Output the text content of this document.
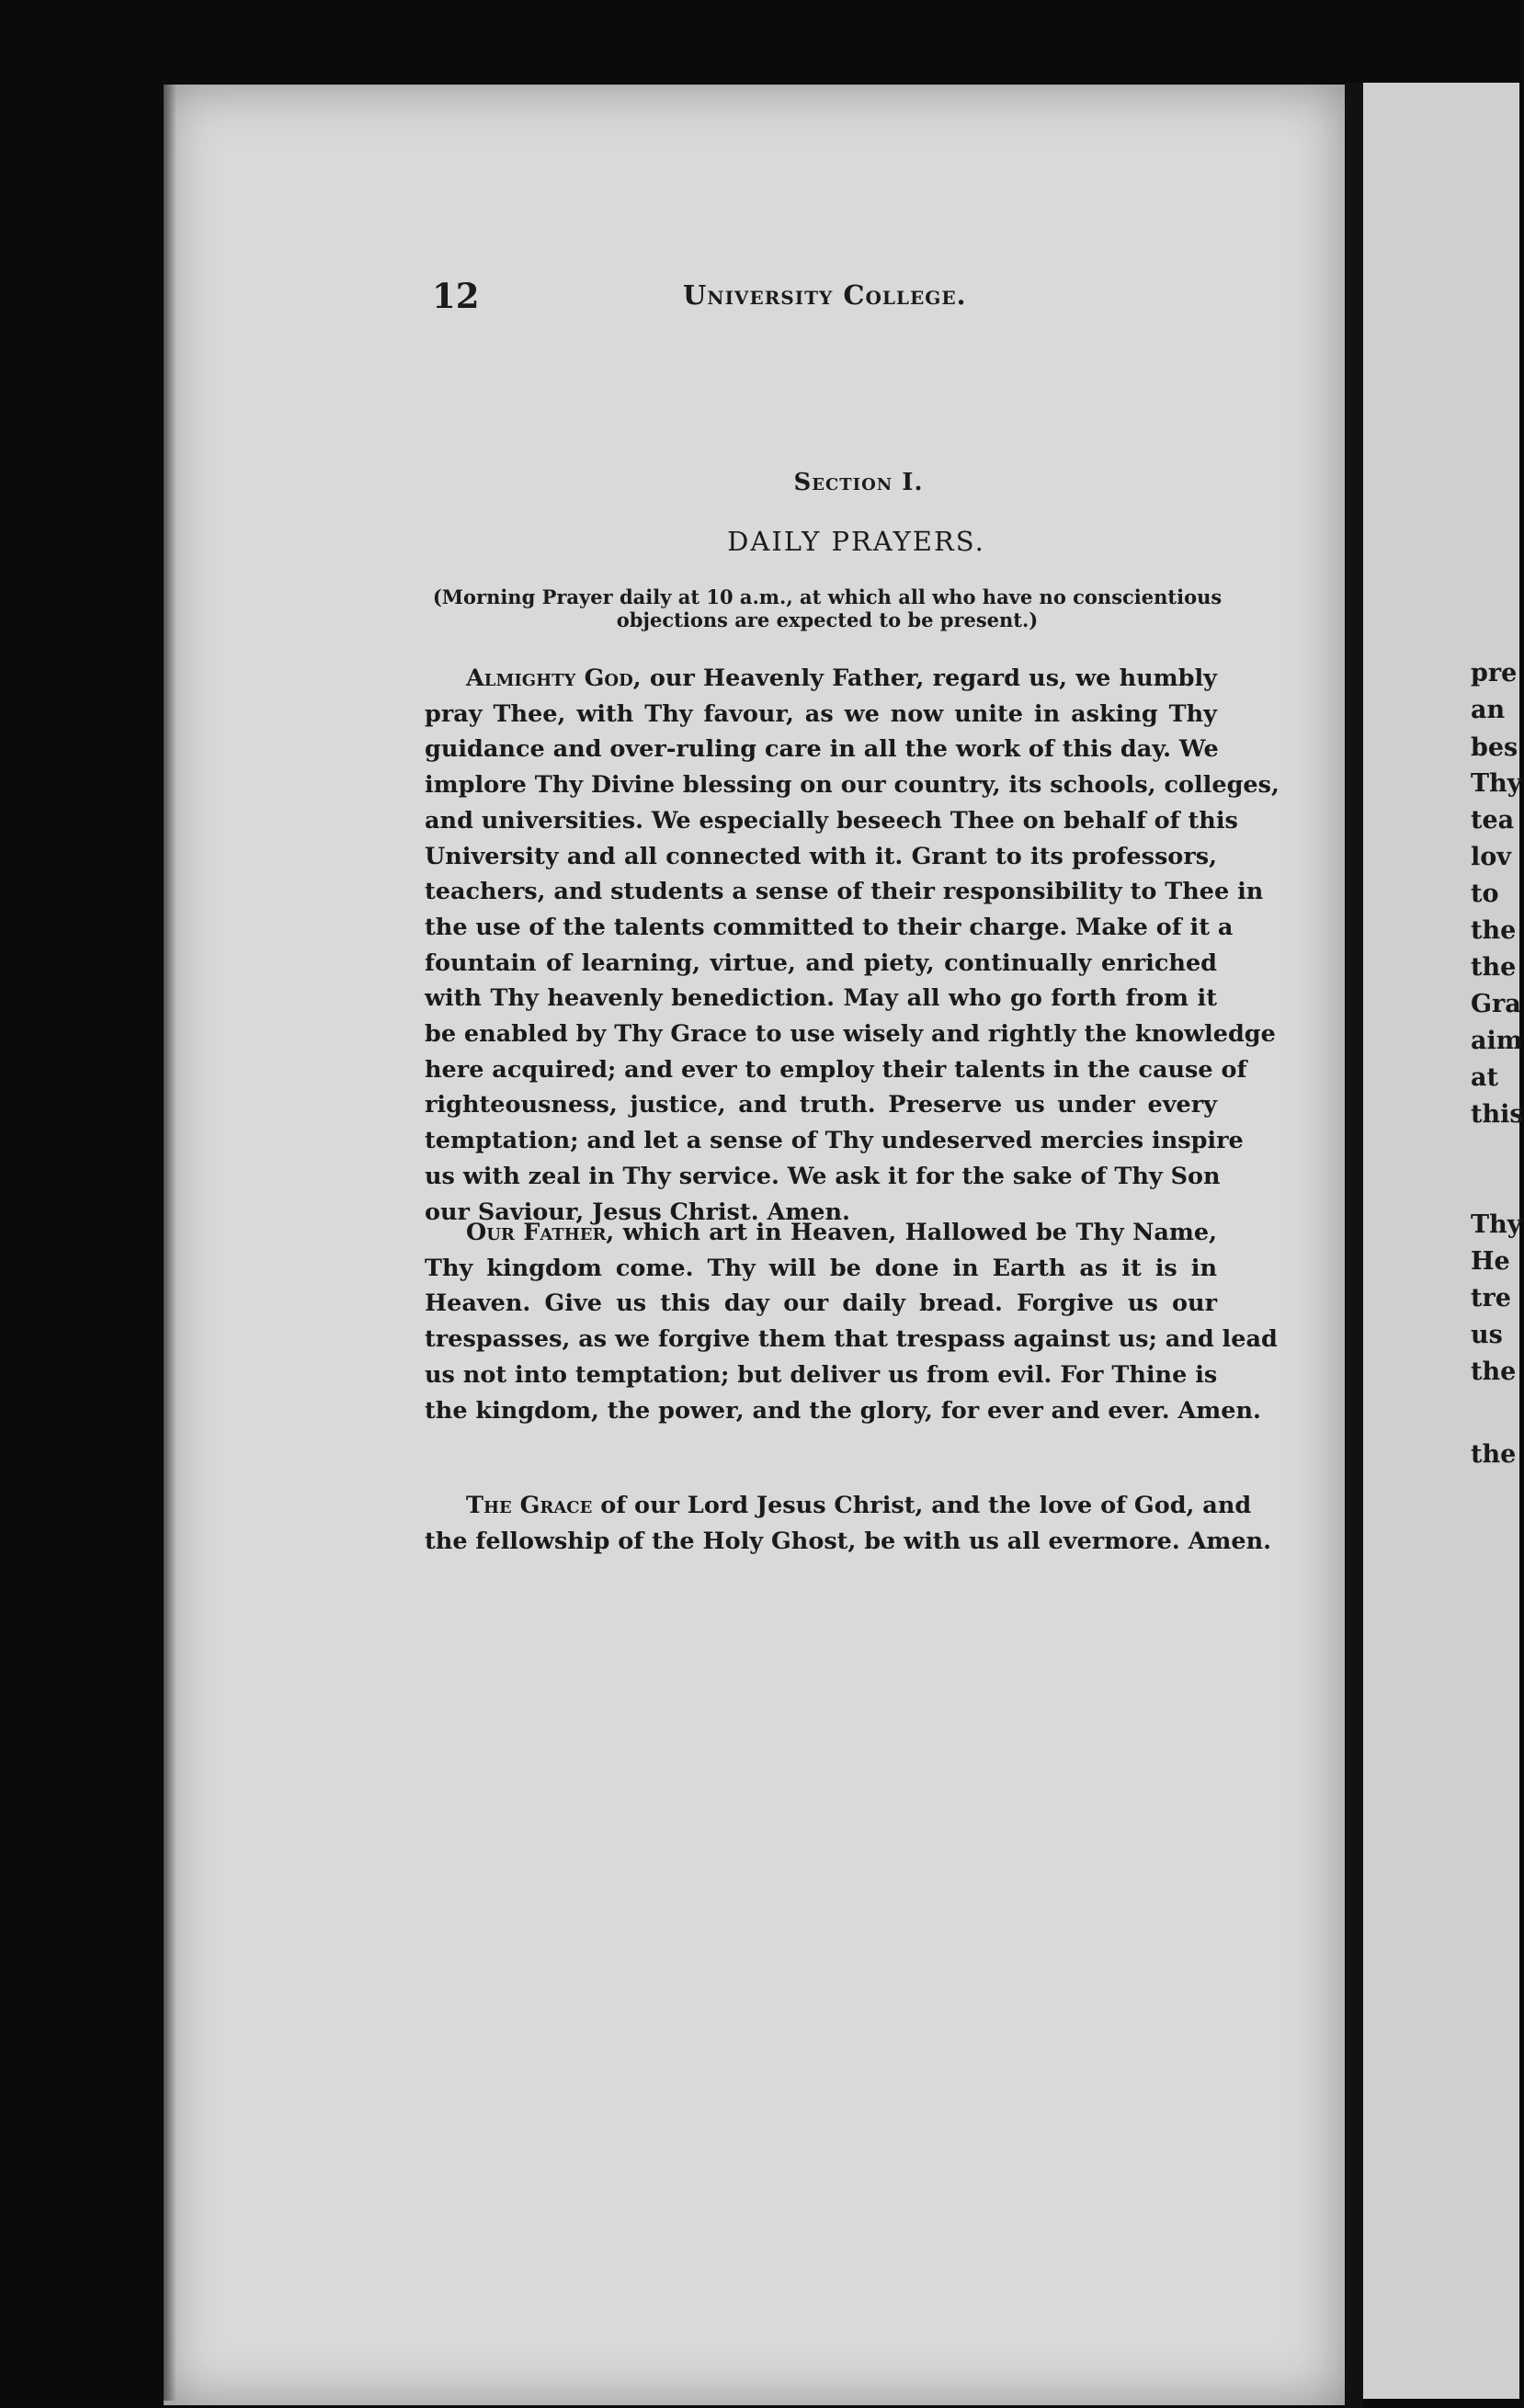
pre
an
bes
Thy
tea
lov
to
the
the
Gra
aim
at
this
Thy
He
tre
us
the
the
12	University College.
Section I.
DAILY PRAYERS.
(Morning Prayer daily at 10 a.m., at which all who have no conscientious
objections are expected to be present.)
Almighty God, our Heavenly Father, regard us, we humbly
pray Thee, with Thy favour, as we now unite in asking Thy
guidance and over-ruling care in all the work of this day. We
implore Thy Divine blessing on our country, its schools, colleges,
and universities. We especially beseech Thee on behalf of this
University and all connected with it. Grant to its professors,
teachers, and students a sense of their responsibility to Thee in
the use of the talents committed to their charge. Make of it a
fountain of learning, virtue, and piety, continually enriched
with Thy heavenly benediction. May all who go forth from it
be enabled by Thy Grace to use wisely and rightly the knowledge
here acquired; and ever to employ their talents in the cause of
righteousness, justice, and truth. Preserve us under every
temptation; and let a sense of Thy undeserved mercies inspire
us with zeal in Thy service. We ask it for the sake of Thy Son
our Saviour, Jesus Christ. Amen.
Our Father, which art in Heaven, Hallowed be Thy Name,
Thy kingdom come. Thy will be done in Earth as it is in
Heaven. Give us this day our daily bread. Forgive us our
trespasses, as we forgive them that trespass against us; and lead
us not into temptation; but deliver us from evil. For Thine is
the kingdom, the power, and the glory, for ever and ever. Amen.
The Grace of our Lord Jesus Christ, and the love of God, and
the fellowship of the Holy Ghost, be with us all evermore. Amen.
